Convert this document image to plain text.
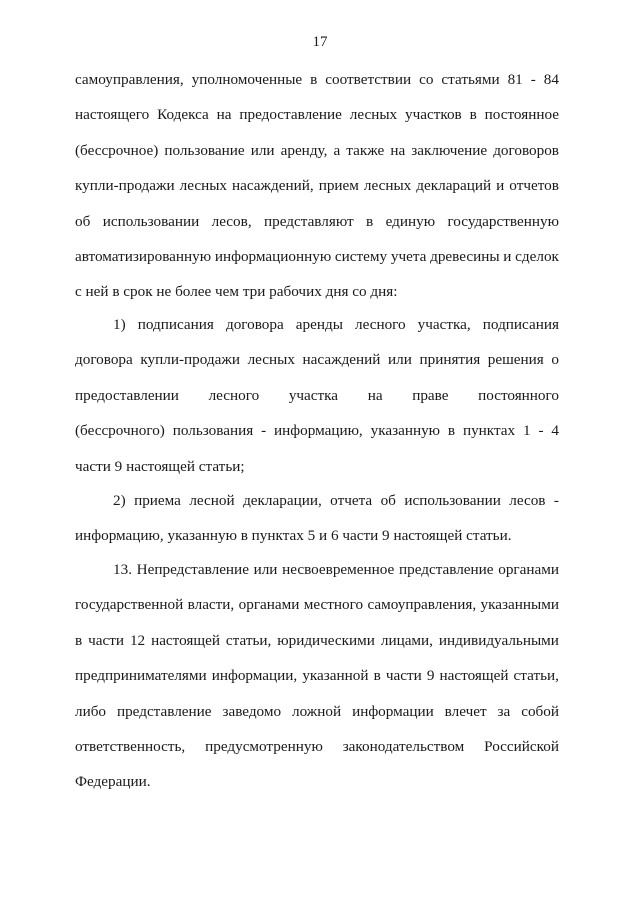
17
самоуправления, уполномоченные в соответствии со статьями 81 - 84
настоящего Кодекса на предоставление лесных участков в постоянное
(бессрочное) пользование или аренду, а также на заключение договоров
купли-продажи лесных насаждений, прием лесных деклараций и отчетов
об использовании лесов, представляют в единую государственную
автоматизированную информационную систему учета древесины и сделок
с ней в срок не более чем три рабочих дня со дня:
1) подписания договора аренды лесного участка, подписания
договора купли-продажи лесных насаждений или принятия решения о
предоставлении лесного участка на праве постоянного
(бессрочного) пользования - информацию, указанную в пунктах 1 - 4
части 9 настоящей статьи;
2) приема лесной декларации, отчета об использовании лесов -
информацию, указанную в пунктах 5 и 6 части 9 настоящей статьи.
13. Непредставление или несвоевременное представление органами
государственной власти, органами местного самоуправления, указанными
в части 12 настоящей статьи, юридическими лицами, индивидуальными
предпринимателями информации, указанной в части 9 настоящей статьи,
либо представление заведомо ложной информации влечет за собой
ответственность, предусмотренную законодательством Российской
Федерации.
